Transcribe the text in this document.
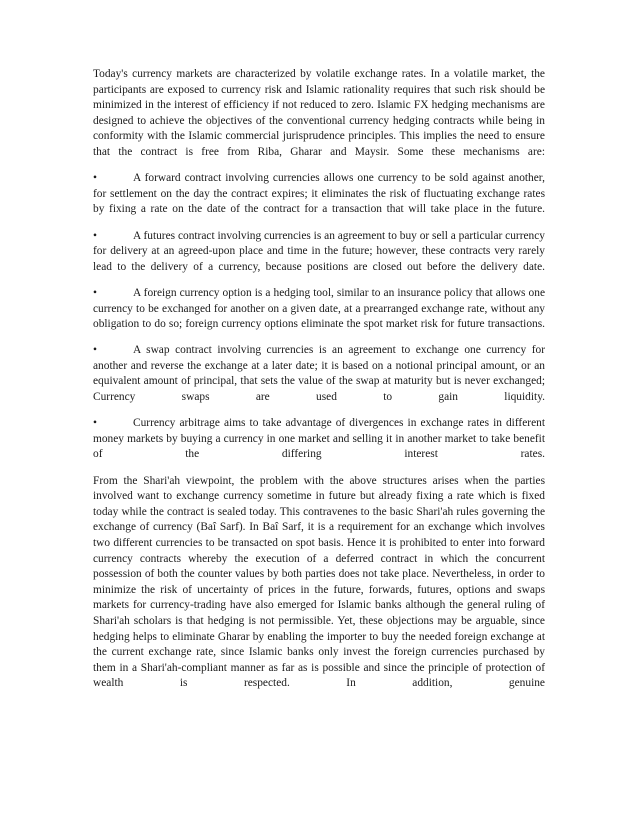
Today's currency markets are characterized by volatile exchange rates. In a volatile market, the participants are exposed to currency risk and Islamic rationality requires that such risk should be minimized in the interest of efficiency if not reduced to zero. Islamic FX hedging mechanisms are designed to achieve the objectives of the conventional currency hedging contracts while being in conformity with the Islamic commercial jurisprudence principles. This implies the need to ensure that the contract is free from Riba, Gharar and Maysir. Some these mechanisms are:

•	A forward contract involving currencies allows one currency to be sold against another, for settlement on the day the contract expires; it eliminates the risk of fluctuating exchange rates by fixing a rate on the date of the contract for a transaction that will take place in the future.

•	A futures contract involving currencies is an agreement to buy or sell a particular currency for delivery at an agreed-upon place and time in the future; however, these contracts very rarely lead to the delivery of a currency, because positions are closed out before the delivery date.

•	A foreign currency option is a hedging tool, similar to an insurance policy that allows one currency to be exchanged for another on a given date, at a prearranged exchange rate, without any obligation to do so; foreign currency options eliminate the spot market risk for future transactions.

•	A swap contract involving currencies is an agreement to exchange one currency for another and reverse the exchange at a later date; it is based on a notional principal amount, or an equivalent amount of principal, that sets the value of the swap at maturity but is never exchanged; Currency swaps are used to gain liquidity.

•	Currency arbitrage aims to take advantage of divergences in exchange rates in different money markets by buying a currency in one market and selling it in another market to take benefit of the differing interest rates.

From the Shari'ah viewpoint, the problem with the above structures arises when the parties involved want to exchange currency sometime in future but already fixing a rate which is fixed today while the contract is sealed today. This contravenes to the basic Shari'ah rules governing the exchange of currency (Baî Sarf). In Baî Sarf, it is a requirement for an exchange which involves two different currencies to be transacted on spot basis. Hence it is prohibited to enter into forward currency contracts whereby the execution of a deferred contract in which the concurrent possession of both the counter values by both parties does not take place. Nevertheless, in order to minimize the risk of uncertainty of prices in the future, forwards, futures, options and swaps markets for currency-trading have also emerged for Islamic banks although the general ruling of Shari'ah scholars is that hedging is not permissible. Yet, these objections may be arguable, since hedging helps to eliminate Gharar by enabling the importer to buy the needed foreign exchange at the current exchange rate, since Islamic banks only invest the foreign currencies purchased by them in a Shari'ah-compliant manner as far as is possible and since the principle of protection of wealth is respected. In addition, genuine
